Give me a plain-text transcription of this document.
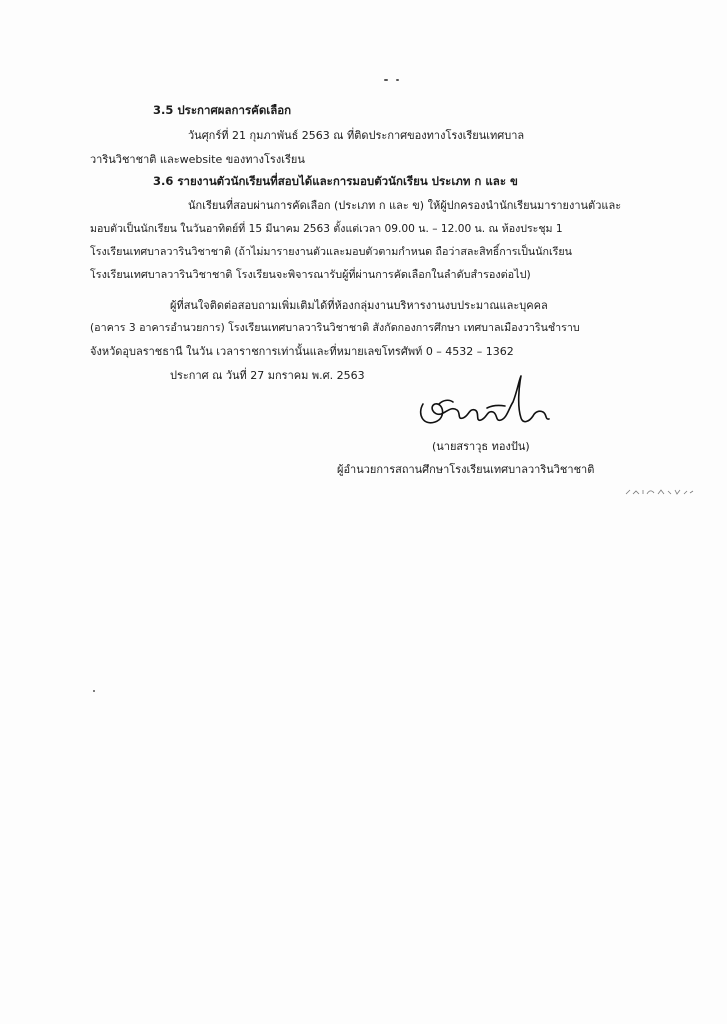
3.5 ประกาศผลการคัดเลือก
วันศุกร์ที่ 21 กุมภาพันธ์ 2563 ณ ที่ติดประกาศของทางโรงเรียนเทศบาล
วารินวิชาชาติ และwebsite ของทางโรงเรียน
3.6 รายงานตัวนักเรียนที่สอบได้และการมอบตัวนักเรียน ประเภท ก และ ข
นักเรียนที่สอบผ่านการคัดเลือก (ประเภท ก และ ข) ให้ผู้ปกครองนำนักเรียนมารายงานตัวและ
มอบตัวเป็นนักเรียน ในวันอาทิตย์ที่ 15 มีนาคม 2563 ตั้งแต่เวลา 09.00 น. – 12.00 น. ณ ห้องประชุม 1
โรงเรียนเทศบาลวารินวิชาชาติ (ถ้าไม่มารายงานตัวและมอบตัวตามกำหนด ถือว่าสละสิทธิ์การเป็นนักเรียน
โรงเรียนเทศบาลวารินวิชาชาติ โรงเรียนจะพิจารณารับผู้ที่ผ่านการคัดเลือกในลำดับสำรองต่อไป)
ผู้ที่สนใจติดต่อสอบถามเพิ่มเติมได้ที่ห้องกลุ่มงานบริหารงานงบประมาณและบุคคล
(อาคาร 3 อาคารอำนวยการ) โรงเรียนเทศบาลวารินวิชาชาติ สังกัดกองการศึกษา เทศบาลเมืองวารินชำราบ
จังหวัดอุบลราชธานี ในวัน เวลาราชการเท่านั้นและที่หมายเลขโทรศัพท์ 0 – 4532 – 1362
ประกาศ ณ วันที่ 27 มกราคม พ.ศ. 2563
(นายสราวุธ ทองปัน)
ผู้อำนวยการสถานศึกษาโรงเรียนเทศบาลวารินวิชาชาติ
